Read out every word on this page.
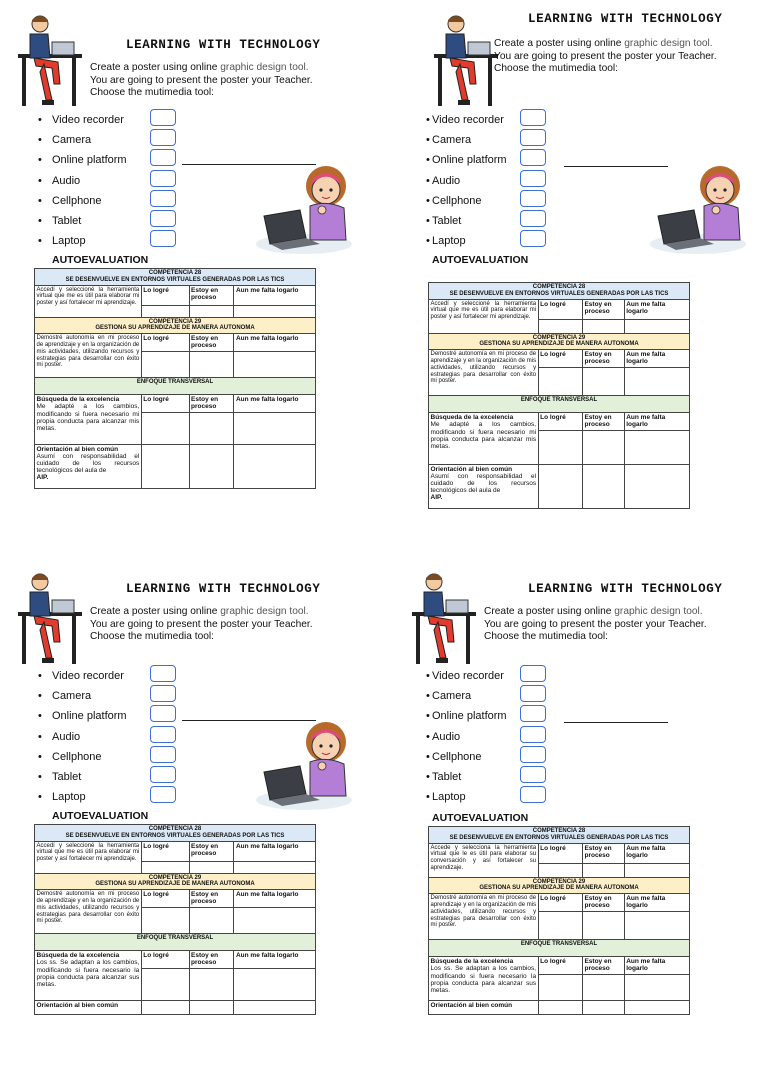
LEARNING WITH TECHNOLOGY
Create a poster using online graphic design tool.
You are going to present the poster your Teacher.
Choose the mutimedia tool:
• Video recorder
• Camera
• Online platform
• Audio
• Cellphone
• Tablet
• Laptop
AUTOEVALUATION
COMPETENCIA 28
SE DESENVUELVE EN ENTORNOS VIRTUALES GENERADAS POR LAS TICS			

Accedí y seleccioné la herramienta virtual que me es útil para elaborar mi poster y así fortalecer mi aprendizaje.	Lo logré	Estoy en proceso	Aun me falta logarlo

COMPETENCIA 29
GESTIONA SU APRENDIZAJE DE MANERA AUTONOMA			

Demostré autonomía en mi proceso de aprendizaje y en la organización de mis actividades, utilizando recursos y estrategias para desarrollar con éxito mi poster.	Lo logré	Estoy en proceso	Aun me falta logarlo

ENFOQUE TRANSVERSAL			
Búsqueda de la excelencia
Me adapté a los cambios, modificando si fuera necesario mi propia conducta para alcanzar mis metas.	Lo logré	Estoy en proceso	Aun me falta logarlo

Orientación al bien común
Asumí con responsabilidad el cuidado de los recursos tecnológicos del aula de
AIP.			
LEARNING WITH TECHNOLOGY
Create a poster using online graphic design tool.
You are going to present the poster your Teacher.
Choose the mutimedia tool:
• Video recorder
• Camera
• Online platform
• Audio
• Cellphone
• Tablet
• Laptop
AUTOEVALUATION
COMPETENCIA 28
SE DESENVUELVE EN ENTORNOS VIRTUALES GENERADAS POR LAS TICS			

Accedí y seleccioné la herramienta virtual que me es útil para elaborar mi poster y así fortalecer mi aprendizaje.	Lo logré	Estoy en proceso	Aun me falta logarlo

COMPETENCIA 29
GESTIONA SU APRENDIZAJE DE MANERA AUTONOMA			

Demostré autonomía en mi proceso de aprendizaje y en la organización de mis actividades, utilizando recursos y estrategias para desarrollar con éxito mi poster.	Lo logré	Estoy en proceso	Aun me falta logarlo

ENFOQUE TRANSVERSAL			
Búsqueda de la excelencia
Me adapté a los cambios, modificando si fuera necesario mi propia conducta para alcanzar mis metas.	Lo logré	Estoy en proceso	Aun me falta logarlo

Orientación al bien común
Asumí con responsabilidad el cuidado de los recursos tecnológicos del aula de
AIP.			
LEARNING WITH TECHNOLOGY
Create a poster using online graphic design tool.
You are going to present the poster your Teacher.
Choose the mutimedia tool:
• Video recorder
• Camera
• Online platform
• Audio
• Cellphone
• Tablet
• Laptop
AUTOEVALUATION
COMPETENCIA 28
SE DESENVUELVE EN ENTORNOS VIRTUALES GENERADAS POR LAS TICS			

Accedí y seleccioné la herramienta virtual que me es útil para elaborar mi poster y así fortalecer mi aprendizaje.	Lo logré	Estoy en proceso	Aun me falta logarlo

COMPETENCIA 29
GESTIONA SU APRENDIZAJE DE MANERA AUTONOMA			

Demostré autonomía en mi proceso de aprendizaje y en la organización de mis actividades, utilizando recursos y estrategias para desarrollar con éxito mi poster.	Lo logré	Estoy en proceso	Aun me falta logarlo

ENFOQUE TRANSVERSAL			
Búsqueda de la excelencia
Los ss. Se adaptan a los cambios, modificando si fuera necesario la propia conducta para alcanzar sus metas.	Lo logré	Estoy en proceso	Aun me falta logarlo

Orientación al bien común			
LEARNING WITH TECHNOLOGY
Create a poster using online graphic design tool.
You are going to present the poster your Teacher.
Choose the mutimedia tool:
• Video recorder
• Camera
• Online platform
• Audio
• Cellphone
• Tablet
• Laptop
AUTOEVALUATION
COMPETENCIA 28
SE DESENVUELVE EN ENTORNOS VIRTUALES GENERADAS POR LAS TICS			

Accede y selecciona la herramienta virtual que le es útil para elaborar su conversación y así fortalecer su aprendizaje.	Lo logré	Estoy en proceso	Aun me falta logarlo

COMPETENCIA 29
GESTIONA SU APRENDIZAJE DE MANERA AUTONOMA			

Demostré autonomía en mi proceso de aprendizaje y en la organización de mis actividades, utilizando recursos y estrategias para desarrollar con éxito mi poster.	Lo logré	Estoy en proceso	Aun me falta logarlo

ENFOQUE TRANSVERSAL			
Búsqueda de la excelencia
Los ss. Se adaptan a los cambios, modificando si fuera necesario la propia conducta para alcanzar sus metas.	Lo logré	Estoy en proceso	Aun me falta logarlo

Orientación al bien común			
